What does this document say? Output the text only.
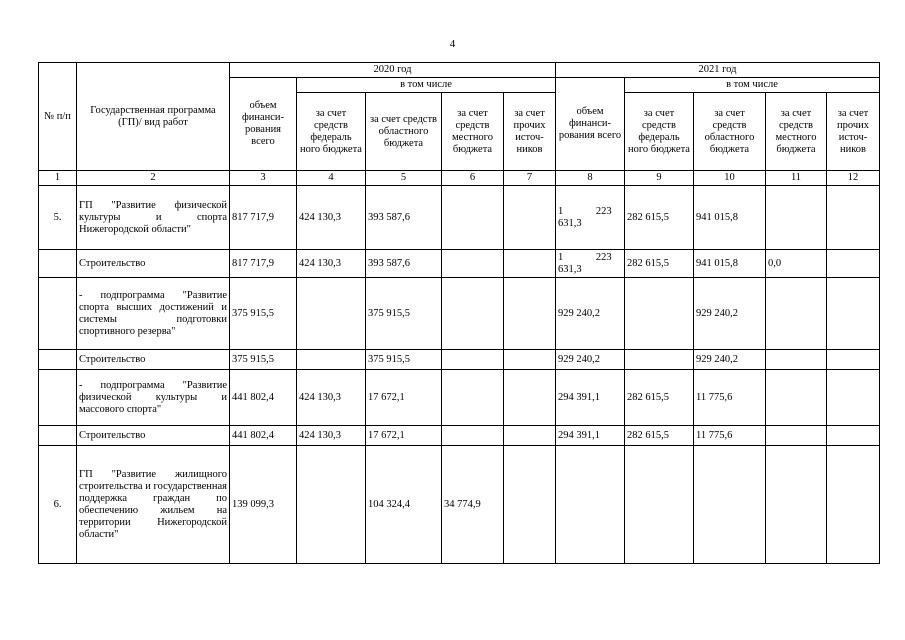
4
№ п/п	Государственная программа (ГП)/ вид работ	2020 год					2021 год				
		объем финанси- рования всего	в том числе				объем финанси- рования всего	в том числе			
			за счет средств федераль ного бюджета	за счет средств областного бюджета	за счет средств местного бюджета	за счет прочих источ- ников		за счет средств федераль ного бюджета	за счет средств областного бюджета	за счет средств местного бюджета	за счет прочих источ- ников
1	2	3	4	5	6	7	8	9	10	11	12
5.	ГП "Развитие физической культуры и спорта Нижегородской области"	817 717,9	424 130,3	393 587,6			1 223 631,3	282 615,5	941 015,8		
	Строительство	817 717,9	424 130,3	393 587,6			1 223 631,3	282 615,5	941 015,8	0,0	
	- подпрограмма "Развитие спорта высших достижений и системы подготовки спортивного резерва"	375 915,5		375 915,5			929 240,2		929 240,2		
	Строительство	375 915,5		375 915,5			929 240,2		929 240,2		
	- подпрограмма "Развитие физической культуры и массового спорта"	441 802,4	424 130,3	17 672,1			294 391,1	282 615,5	11 775,6		
	Строительство	441 802,4	424 130,3	17 672,1			294 391,1	282 615,5	11 775,6		
6.	ГП "Развитие жилищного строительства и государственная поддержка граждан по обеспечению жильем на территории Нижегородской области"	139 099,3		104 324,4	34 774,9						
